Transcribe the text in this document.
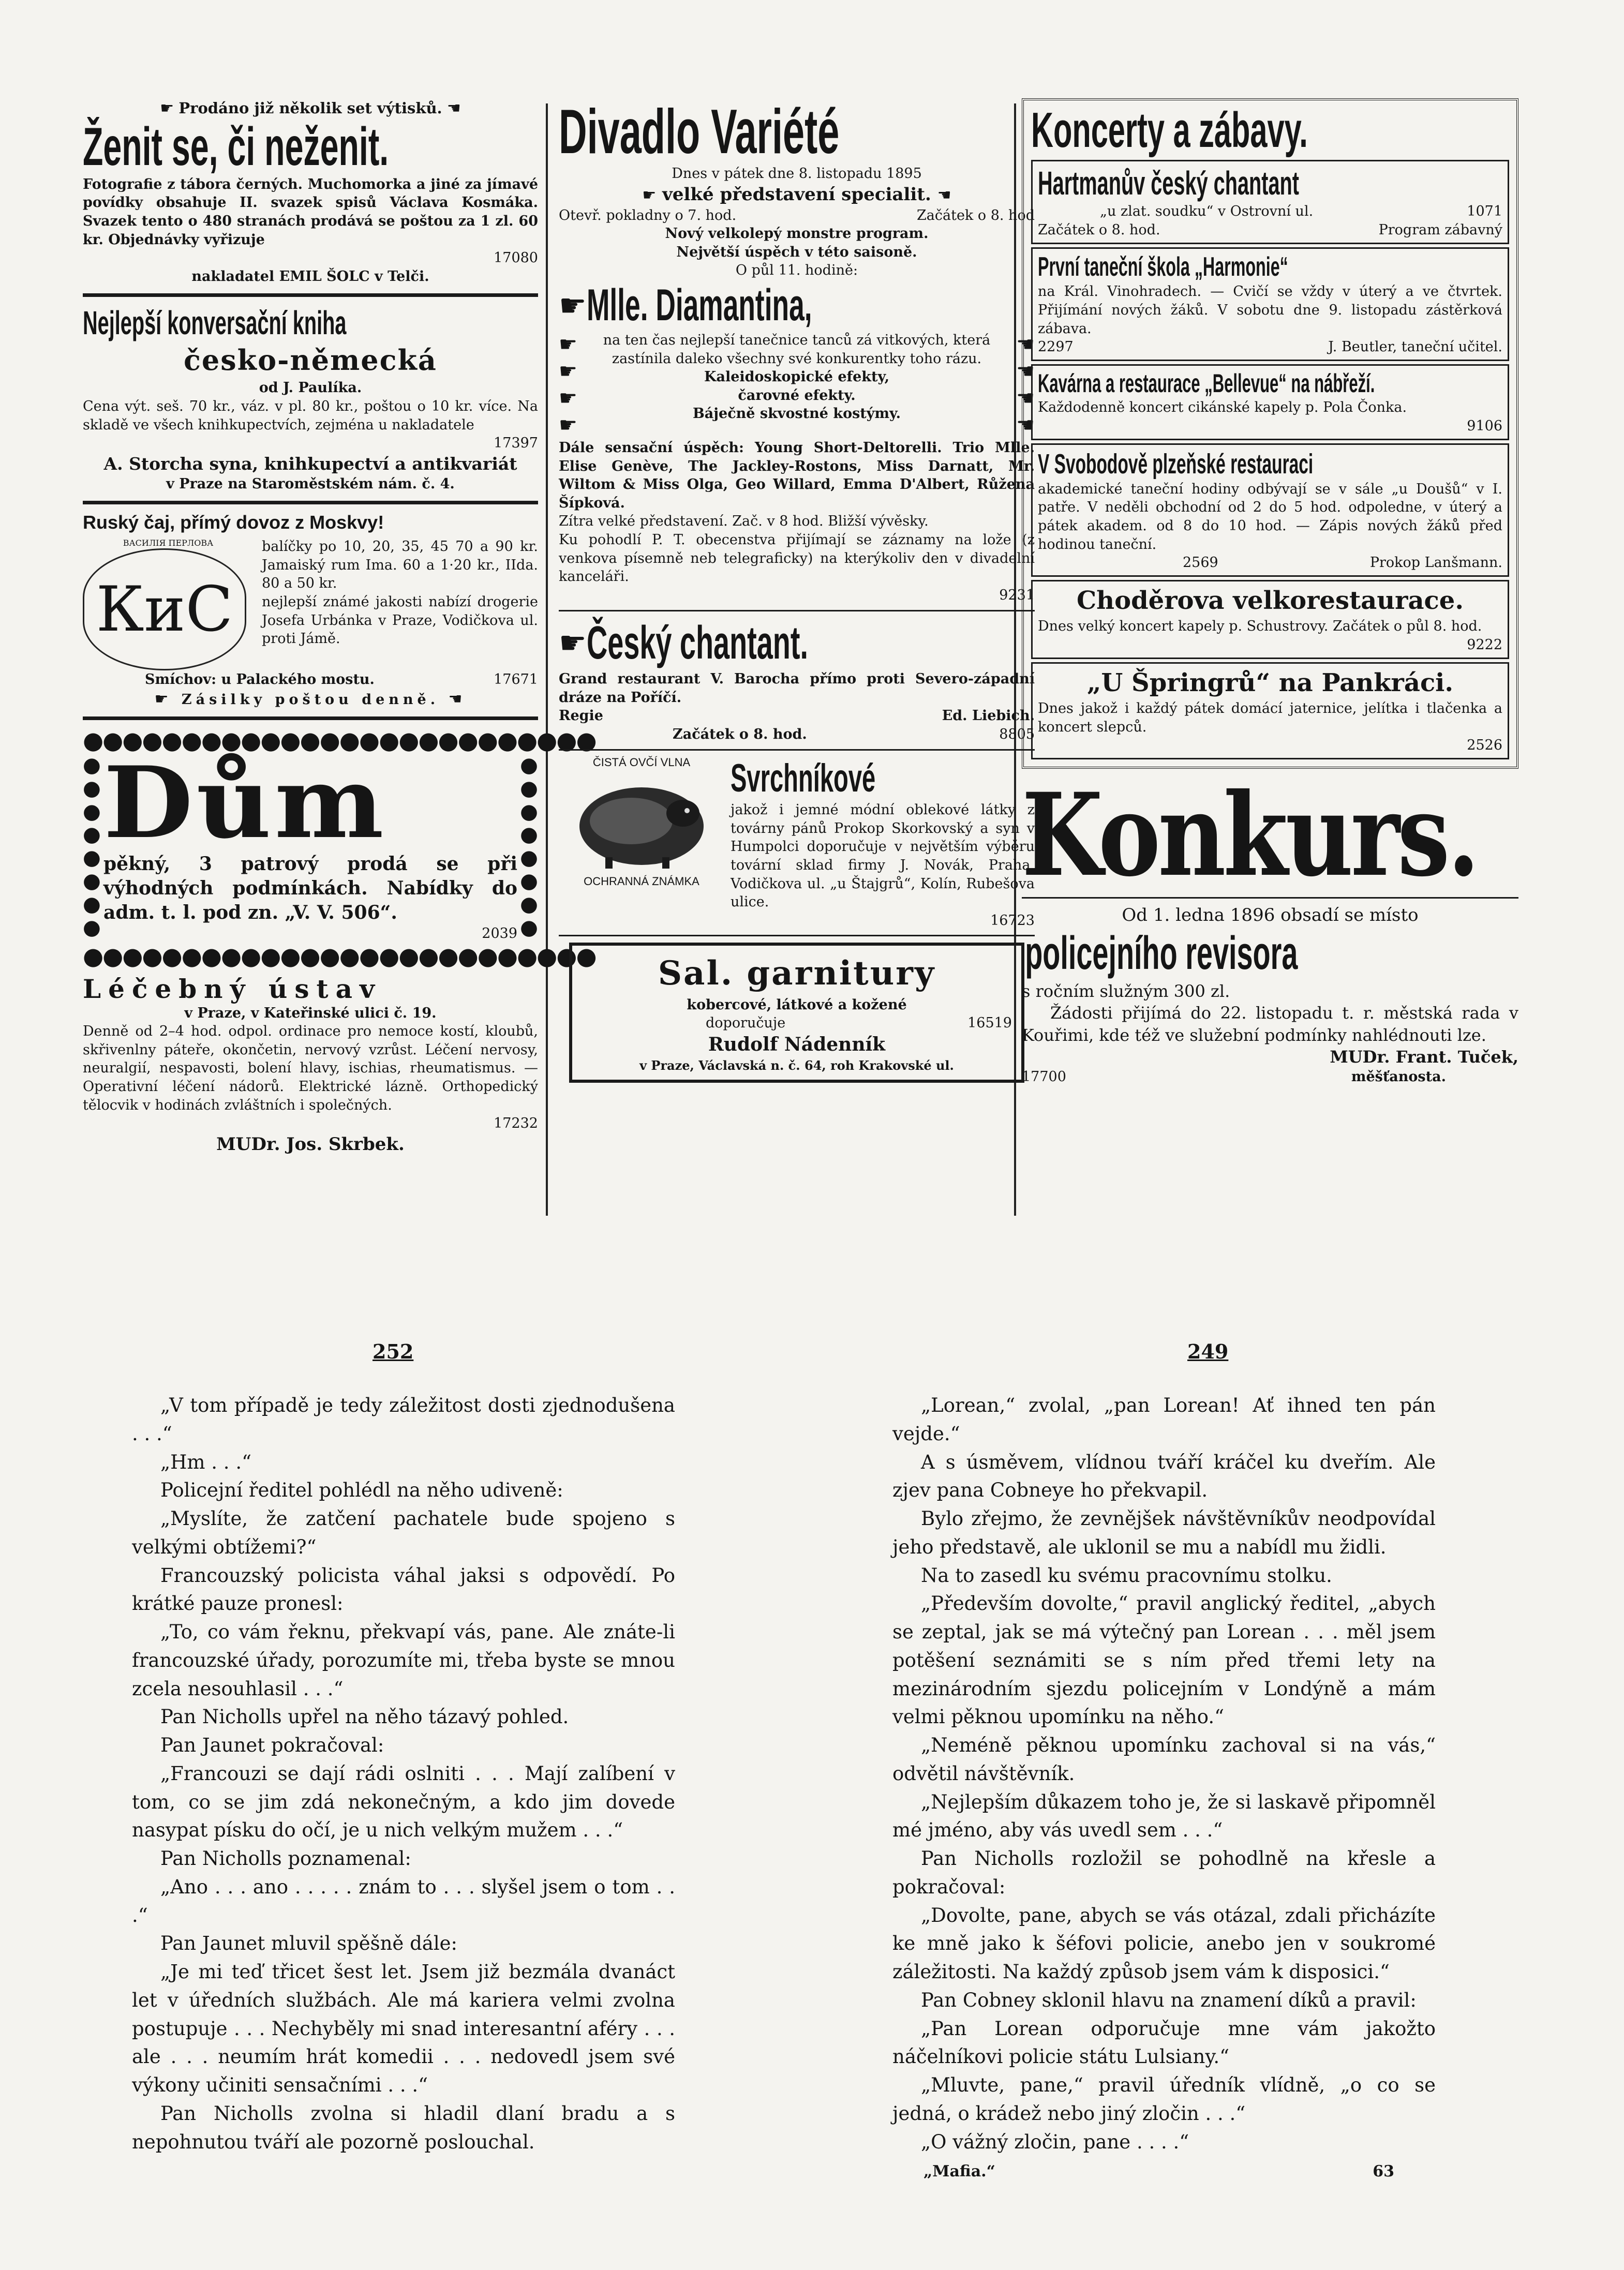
☛ Prodáno již několik set výtisků. ☚
Ženit se, či neženit.

Fotografie z tábora černých. Muchomorka a jiné za jímavé povídky obsahuje II. svazek spisů Václava Kosmáka. Svazek tento o 480 stranách prodává se poštou za 1 zl. 60 kr. Objednávky vyřizuje

17080

nakladatel EMIL ŠOLC v Telči.

Nejlepší konversační kniha
česko-německá

od J. Paulíka.

Cena výt. seš. 70 kr., váz. v pl. 80 kr., poštou o 10 kr. více. Na skladě ve všech knihkupectvích, zejména u nakladatele

17397

A. Storcha syna, knihkupectví a antikvariát

v Praze na Staroměstském nám. č. 4.

Ruský čaj, přímý dovoz z Moskvy!
ВАСИЛІЯ ПЕРЛОВА
КиС

balíčky po 10, 20, 35, 45 70 a 90 kr. Jamaiský rum Ima. 60 a 1·20 kr., IIda. 80 a 50 kr.

nejlepší známé jakosti nabízí drogerie Josefa Urbánka v Praze, Vodičkova ul. proti Jámě.

Smíchov: u Palackého mostu.	17671
☛ Zásilky poštou denně. ☚
●●●●●●●●●●●●●●●●●●●●●●●●●●
●
●
●
●
●
●
●
●
Dům

pěkný, 3 patrový prodá se při výhodných podmínkách. Nabídky do adm. t. l. pod zn. „V. V. 506“.

2039
●
●
●
●
●
●
●
●
●●●●●●●●●●●●●●●●●●●●●●●●●●
Léčebný ústav

v Praze, v Kateřinské ulici č. 19.

Denně od 2–4 hod. odpol. ordinace pro nemoce kostí, kloubů, skřivenlny páteře, okončetin, nervový vzrůst. Léčení nervosy, neuralgií, nespavosti, bolení hlavy, ischias, rheumatismus. — Operativní léčení nádorů. Elektrické lázně. Orthopedický tělocvik v hodinách zvláštních i společných.

17232

MUDr. Jos. Skrbek.

Divadlo Variété

Dnes v pátek dne 8. listopadu 1895

☛ velké představení specialit. ☚
Otevř. pokladny o 7. hod.	Začátek o 8. hod

Nový velkolepý monstre program.

Největší úspěch v této saisoně.

O půl 11. hodině:

☛ Mlle. Diamantina,
☛
☛
☛
☛

na ten čas nejlepší tanečnice tanců zá vitkových, která zastínila daleko všechny své konkurentky toho rázu.

Kaleidoskopické efekty,

čarovné efekty.

Báječně skvostné kostýmy.

☚
☚
☚
☚

Dále sensační úspěch: Young Short-Deltorelli. Trio Mlle. Elise Genève, The Jackley-Rostons, Miss Darnatt, Mr. Wiltom & Miss Olga, Geo Willard, Emma D'Albert, Růžena Šípková.

Zítra velké představení. Zač. v 8 hod. Bližší vývěsky.

Ku pohodlí P. T. obecenstva přijímají se záznamy na lože (z venkova písemně neb telegraficky) na kterýkoliv den v divadelní kanceláři.

9231
☛ Český chantant.

Grand restaurant V. Barocha přímo proti Severo-západní dráze na Poříčí.

Regie	Ed. Liebich.
Začátek o 8. hod.	8805
ČISTÁ OVČÍ VLNA
OCHRANNÁ ZNÁMKA
Svrchníkové

jakož i jemné módní oblekové látky z továrny pánů Prokop Skorkovský a syn v Humpolci doporučuje v největším výběru tovární sklad firmy J. Novák, Praha, Vodičkova ul. „u Štajgrů“, Kolín, Rubešova ulice.

16723
Sal. garnitury

kobercové, látkové a kožené

doporučuje	16519

Rudolf Nádenník

v Praze, Václavská n. č. 64, roh Krakovské ul.

Koncerty a zábavy.
Hartmanův český chantant
„u zlat. soudku“ v Ostrovní ul.	1071
Začátek o 8. hod.	Program zábavný
První taneční škola „Harmonie“

na Král. Vinohradech. — Cvičí se vždy v úterý a ve čtvrtek. Přijímání nových žáků. V sobotu dne 9. listopadu zástěrková zábava.

2297	J. Beutler, taneční učitel.
Kavárna a restaurace „Bellevue“ na nábřeží.

Každodenně koncert cikánské kapely p. Pola Čonka.

9106
V Svobodově plzeňské restauraci

akademické taneční hodiny odbývají se v sále „u Doušů“ v I. patře. V neděli obchodní od 2 do 5 hod. odpoledne, v úterý a pátek akadem. od 8 do 10 hod. — Zápis nových žáků před hodinou taneční.

2569	Prokop Lanšmann.
Choděrova velkorestaurace.

Dnes velký koncert kapely p. Schustrovy. Začátek o půl 8. hod.

9222
„U Špringrů“ na Pankráci.

Dnes jakož i každý pátek domácí jaternice, jelítka i tlačenka a koncert slepců.

2526
Konkurs.

Od 1. ledna 1896 obsadí se místo

policejního revisora

s ročním služným 300 zl.

Žádosti přijímá do 22. listopadu t. r. městská rada v Kouřimi, kde též ve služební podmínky nahlédnouti lze.

MUDr. Frant. Tuček,
17700	měšťanosta.
252	249

„V tom případě je tedy záležitost dosti zjednodušena . . .“

„Hm . . .“

Policejní ředitel pohlédl na něho udiveně:

„Myslíte, že zatčení pachatele bude spojeno s velkými obtížemi?“

Francouzský policista váhal jaksi s odpovědí. Po krátké pauze pronesl:

„To, co vám řeknu, překvapí vás, pane. Ale znáte-li francouzské úřady, porozumíte mi, třeba byste se mnou zcela nesouhlasil . . .“

Pan Nicholls upřel na něho tázavý pohled.

Pan Jaunet pokračoval:

„Francouzi se dají rádi oslniti . . . Mají zalíbení v tom, co se jim zdá nekonečným, a kdo jim dovede nasypat písku do očí, je u nich velkým mužem . . .“

Pan Nicholls poznamenal:

„Ano . . . ano . . . . . znám to . . . slyšel jsem o tom . . .“

Pan Jaunet mluvil spěšně dále:

„Je mi teď třicet šest let. Jsem již bezmála dvanáct let v úředních službách. Ale má kariera velmi zvolna postupuje . . . Nechyběly mi snad interesantní aféry . . . ale . . . neumím hrát komedii . . . nedovedl jsem své výkony učiniti sensačními . . .“

Pan Nicholls zvolna si hladil dlaní bradu a s nepohnutou tváří ale pozorně poslouchal.

„Lorean,“ zvolal, „pan Lorean! Ať ihned ten pán vejde.“

A s úsměvem, vlídnou tváří kráčel ku dveřím. Ale zjev pana Cobneye ho překvapil.

Bylo zřejmo, že zevnějšek návštěvníkův neodpovídal jeho představě, ale uklonil se mu a nabídl mu židli.

Na to zasedl ku svému pracovnímu stolku.

„Především dovolte,“ pravil anglický ředitel, „abych se zeptal, jak se má výtečný pan Lorean . . . měl jsem potěšení seznámiti se s ním před třemi lety na mezinárodním sjezdu policejním v Londýně a mám velmi pěknou upomínku na něho.“

„Neméně pěknou upomínku zachoval si na vás,“ odvětil návštěvník.

„Nejlepším důkazem toho je, že si laskavě připomněl mé jméno, aby vás uvedl sem . . .“

Pan Nicholls rozložil se pohodlně na křesle a pokračoval:

„Dovolte, pane, abych se vás otázal, zdali přicházíte ke mně jako k šéfovi policie, anebo jen v soukromé záležitosti. Na každý způsob jsem vám k disposici.“

Pan Cobney sklonil hlavu na znamení díků a pravil:

„Pan Lorean odporučuje mne vám jakožto náčelníkovi policie státu Lulsiany.“

„Mluvte, pane,“ pravil úředník vlídně, „o co se jedná, o krádež nebo jiný zločin . . .“

„O vážný zločin, pane . . . .“

„Mafia.“	63
